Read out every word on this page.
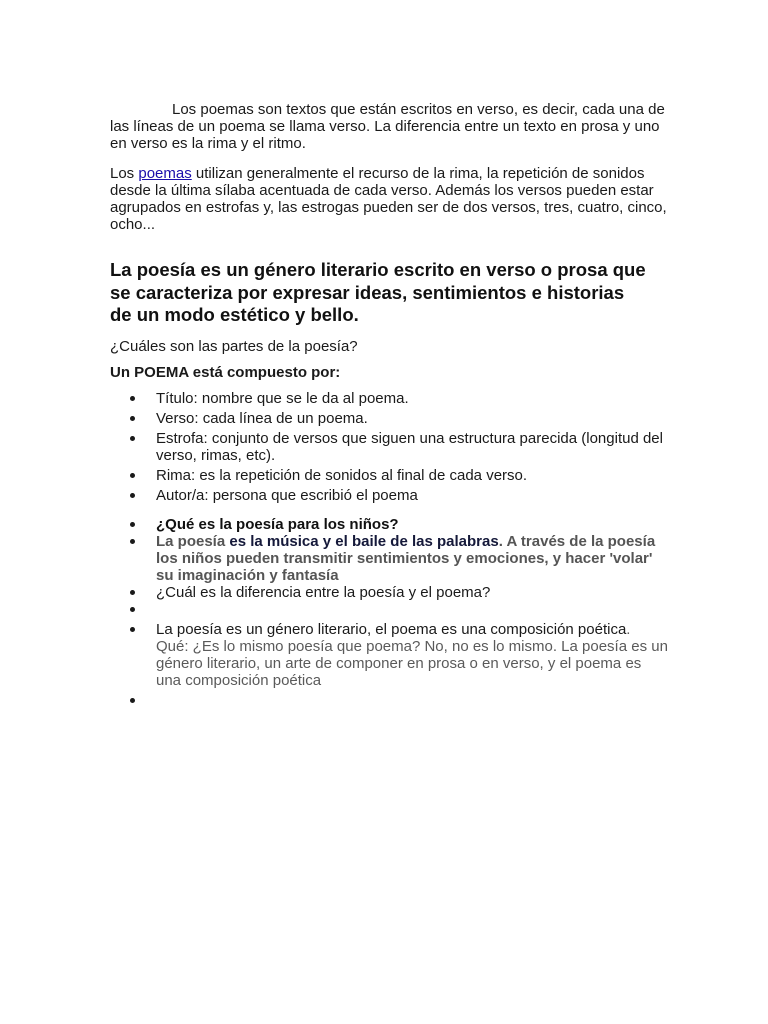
Los poemas son textos que están escritos en verso, es decir, cada una de las líneas de un poema se llama verso. La diferencia entre un texto en prosa y uno en verso es la rima y el ritmo.
Los poemas utilizan generalmente el recurso de la rima, la repetición de sonidos desde la última sílaba acentuada de cada verso. Además los versos pueden estar agrupados en estrofas y, las estrogas pueden ser de dos versos, tres, cuatro, cinco, ocho...
La poesía es un género literario escrito en verso o prosa que se caracteriza por expresar ideas, sentimientos e historias de un modo estético y bello.
¿Cuáles son las partes de la poesía?
Un POEMA está compuesto por:
Título: nombre que se le da al poema.
Verso: cada línea de un poema.
Estrofa: conjunto de versos que siguen una estructura parecida (longitud del verso, rimas, etc).
Rima: es la repetición de sonidos al final de cada verso.
Autor/a: persona que escribió el poema
¿Qué es la poesía para los niños?
La poesía es la música y el baile de las palabras. A través de la poesía los niños pueden transmitir sentimientos y emociones, y hacer 'volar' su imaginación y fantasía
¿Cuál es la diferencia entre la poesía y el poema?
La poesía es un género literario, el poema es una composición poética.
Qué: ¿Es lo mismo poesía que poema? No, no es lo mismo. La poesía es un género literario, un arte de componer en prosa o en verso, y el poema es una composición poética
